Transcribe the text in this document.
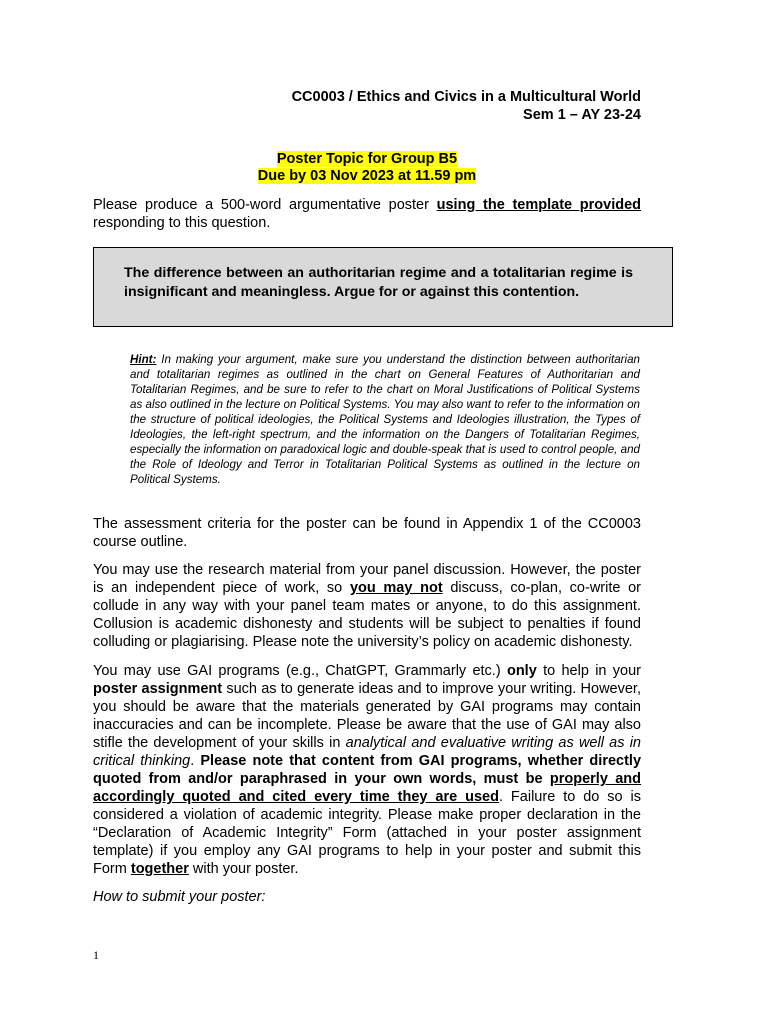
CC0003 / Ethics and Civics in a Multicultural World
Sem 1 – AY 23-24
Poster Topic for Group B5
Due by 03 Nov 2023 at 11.59 pm
Please produce a 500-word argumentative poster using the template provided responding to this question.
The difference between an authoritarian regime and a totalitarian regime is insignificant and meaningless. Argue for or against this contention.
Hint: In making your argument, make sure you understand the distinction between authoritarian and totalitarian regimes as outlined in the chart on General Features of Authoritarian and Totalitarian Regimes, and be sure to refer to the chart on Moral Justifications of Political Systems as also outlined in the lecture on Political Systems. You may also want to refer to the information on the structure of political ideologies, the Political Systems and Ideologies illustration, the Types of Ideologies, the left-right spectrum, and the information on the Dangers of Totalitarian Regimes, especially the information on paradoxical logic and double-speak that is used to control people, and the Role of Ideology and Terror in Totalitarian Political Systems as outlined in the lecture on Political Systems.
The assessment criteria for the poster can be found in Appendix 1 of the CC0003 course outline.
You may use the research material from your panel discussion. However, the poster is an independent piece of work, so you may not discuss, co-plan, co-write or collude in any way with your panel team mates or anyone, to do this assignment. Collusion is academic dishonesty and students will be subject to penalties if found colluding or plagiarising. Please note the university’s policy on academic dishonesty.
You may use GAI programs (e.g., ChatGPT, Grammarly etc.) only to help in your poster assignment such as to generate ideas and to improve your writing. However, you should be aware that the materials generated by GAI programs may contain inaccuracies and can be incomplete. Please be aware that the use of GAI may also stifle the development of your skills in analytical and evaluative writing as well as in critical thinking. Please note that content from GAI programs, whether directly quoted from and/or paraphrased in your own words, must be properly and accordingly quoted and cited every time they are used. Failure to do so is considered a violation of academic integrity. Please make proper declaration in the “Declaration of Academic Integrity” Form (attached in your poster assignment template) if you employ any GAI programs to help in your poster and submit this Form together with your poster.
How to submit your poster:
1
